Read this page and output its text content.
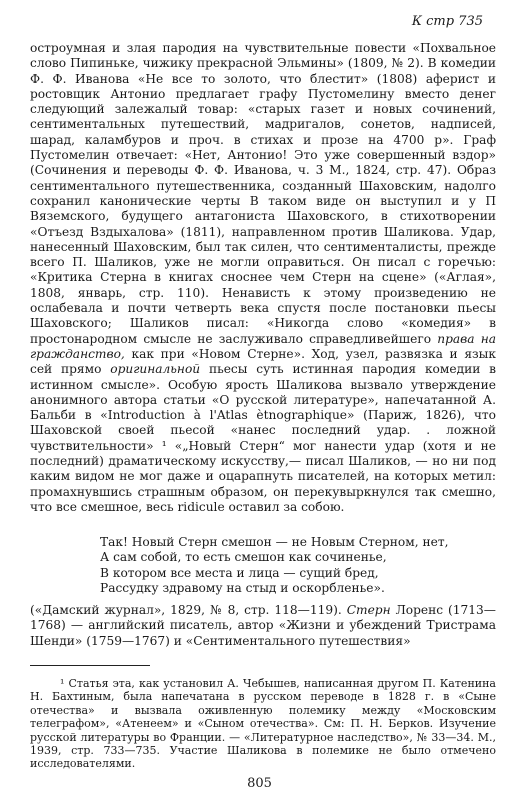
К стр 735

остроумная и злая пародия на чувствительные повести «Похвальное слово Пипиньке, чижику прекрасной Эльмины» (1809, № 2). В комедии Ф. Ф. Иванова «Не все то золото, что блестит» (1808) аферист и ростовщик Антонио предлагает графу Пустомелину вместо денег следующий залежалый товар: «старых газет и новых сочинений, сентиментальных путешествий, мадригалов, сонетов, надписей, шарад, каламбуров и проч. в стихах и прозе на 4700 р». Граф Пустомелин отвечает: «Нет, Антонио! Это уже совершенный вздор» (Сочинения и переводы Ф. Ф. Иванова, ч. 3 М., 1824, стр. 47). Образ сентиментального путешественника, созданный Шаховским, надолго сохранил канонические черты В таком виде он выступил и у П Вяземского, будущего антагониста Шаховского, в стихотворении «Отъезд Вздыхалова» (1811), направленном против Шаликова. Удар, нанесенный Шаховским, был так силен, что сентименталисты, прежде всего П. Шаликов, уже не могли оправиться. Он писал с горечью: «Критика Стерна в книгах сноснее чем Стерн на сцене» («Аглая», 1808, январь, стр. 110). Ненависть к этому произведению не ослабевала и почти четверть века спустя после постановки пьесы Шаховского; Шаликов писал: «Никогда слово «комедия» в простонародном смысле не заслуживало справедливейшего права на гражданство, как при «Новом Стерне». Ход, узел, развязка и язык сей прямо оригинальной пьесы суть истинная пародия комедии в истинном смысле». Особую ярость Шаликова вызвало утверждение анонимного автора статьи «О русской литературе», напечатанной А. Бальби в «Introduction à l'Atlas ètnographique» (Париж, 1826), что Шаховской своей пьесой «нанес последний удар. . ложной чувствительности» ¹ «„Новый Стерн“ мог нанести удар (хотя и не последний) драматическому искусству,— писал Шаликов, — но ни под каким видом не мог даже и оцарапнуть писателей, на которых метил: промахнувшись страшным образом, он перекувыркнулся так смешно, что все смешное, весь ridicule оставил за собою.

Так! Новый Стерн смешон — не Новым Стерном, нет,
А сам собой, то есть смешон как сочиненье,
В котором все места и лица — сущий бред,
Рассудку здравому на стыд и оскорбленье».

(«Дамский журнал», 1829, № 8, стр. 118—119). Стерн Лоренс (1713—1768) — английский писатель, автор «Жизни и убеждений Тристрама Шенди» (1759—1767) и «Сентиментального путешествия»

¹ Статья эта, как установил А. Чебышев, написанная другом П. Катенина Н. Бахтиным, была напечатана в русском переводе в 1828 г. в «Сыне отечества» и вызвала оживленную полемику между «Московским телеграфом», «Атенеем» и «Сыном отечества». См: П. Н. Берков. Изучение русской литературы во Франции. — «Литературное наследство», № 33—34. М., 1939, стр. 733—735. Участие Шаликова в полемике не было отмечено исследователями.

805
